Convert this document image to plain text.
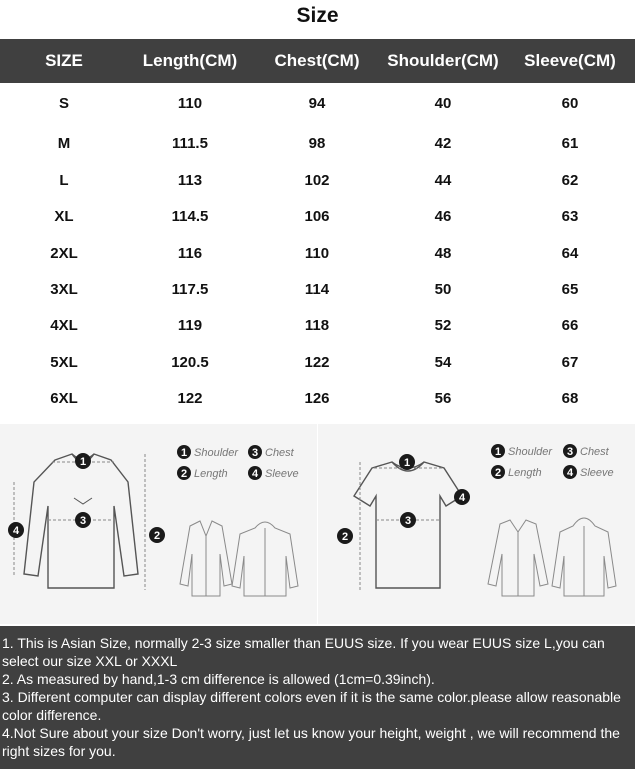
Size
SIZE	Length(CM)	Chest(CM)	Shoulder(CM)	Sleeve(CM)
S	110	94	40	60
M	111.5	98	42	61
L	113	102	44	62
XL	114.5	106	46	63
2XL	116	110	48	64
3XL	117.5	114	50	65
4XL	119	118	52	66
5XL	120.5	122	54	67
6XL	122	126	56	68
1
3
2
4
1 Shoulder 3 Chest
2 Length 4 Sleeve
1
3
2
4
1 Shoulder 3 Chest
2 Length 4 Sleeve

1. This is Asian Size, normally 2-3 size smaller than EUUS size. If you wear EUUS size L,you can select our size XXL or XXXL

2. As measured by hand,1-3 cm difference is allowed (1cm=0.39inch).

3. Different computer can display different colors even if it is the same color.please allow reasonable color difference.

4.Not Sure about your size Don't worry, just let us know your height, weight , we will recommend the right sizes for you.
